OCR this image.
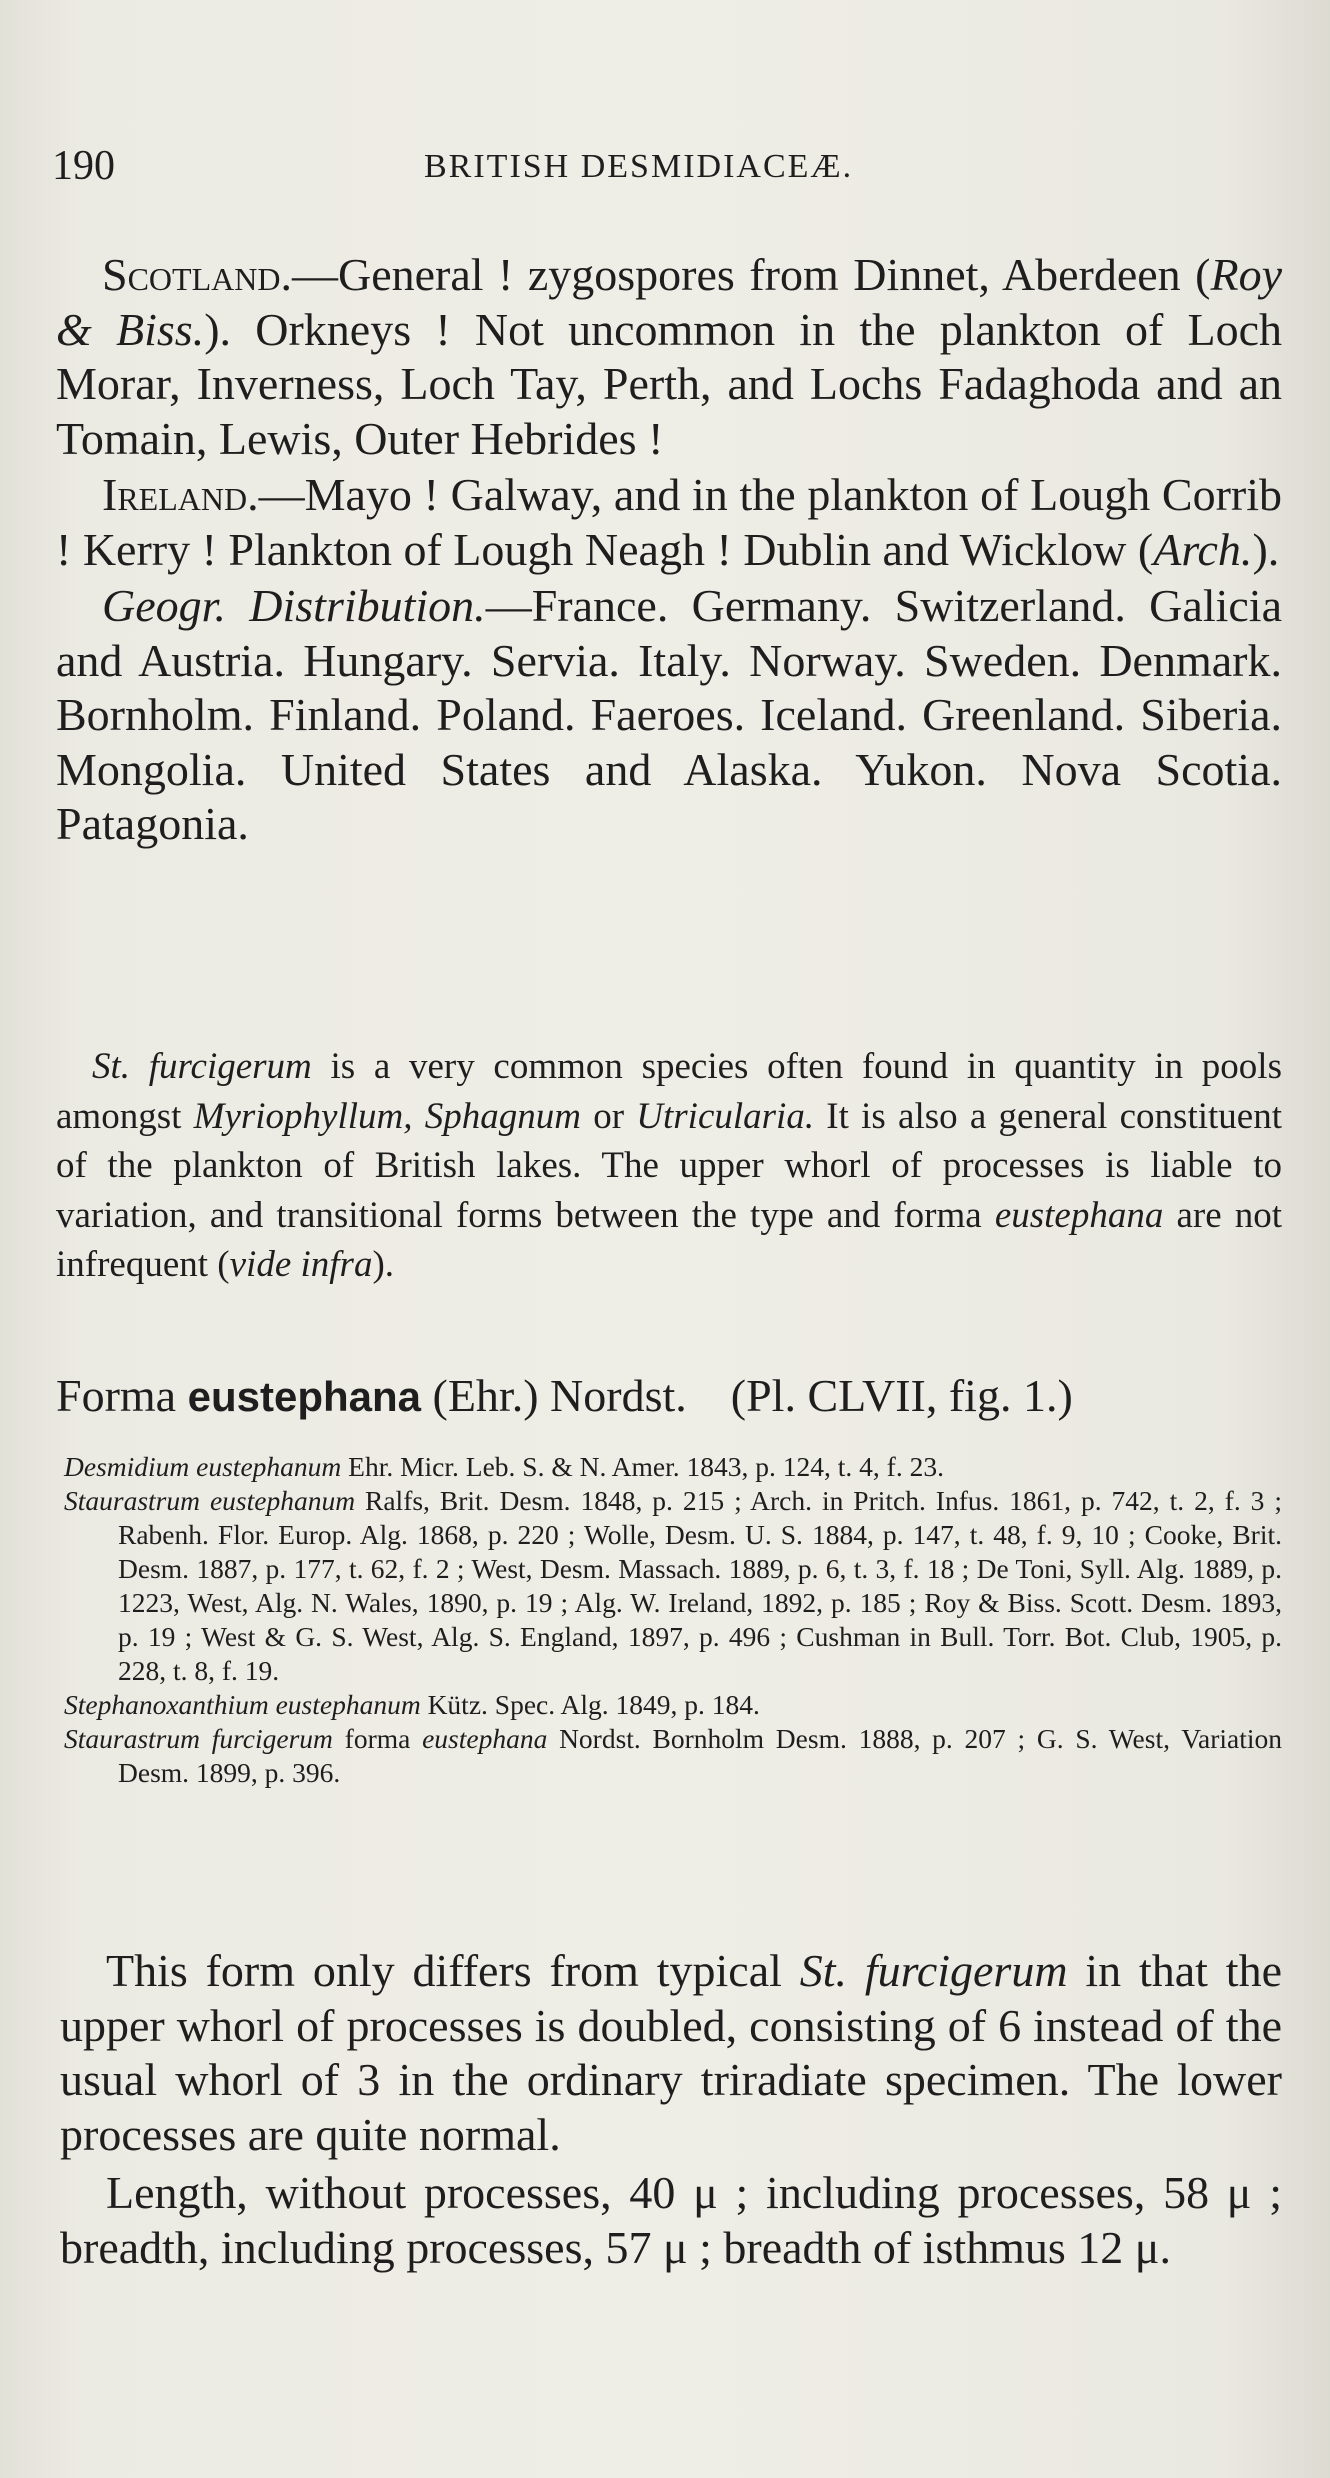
190	BRITISH DESMIDIACEÆ.

Scotland.—General ! zygospores from Dinnet, Aberdeen (Roy & Biss.). Orkneys ! Not uncommon in the plankton of Loch Morar, Inverness, Loch Tay, Perth, and Lochs Fadaghoda and an Tomain, Lewis, Outer Hebrides !

Ireland.—Mayo ! Galway, and in the plankton of Lough Corrib ! Kerry ! Plankton of Lough Neagh ! Dublin and Wicklow (Arch.).

Geogr. Distribution.—France. Germany. Switzerland. Galicia and Austria. Hungary. Servia. Italy. Norway. Sweden. Denmark. Bornholm. Finland. Poland. Faeroes. Iceland. Greenland. Siberia. Mongolia. United States and Alaska. Yukon. Nova Scotia. Patagonia.

St. furcigerum is a very common species often found in quantity in pools amongst Myriophyllum, Sphagnum or Utricularia. It is also a general constituent of the plankton of British lakes. The upper whorl of processes is liable to variation, and transitional forms between the type and forma eustephana are not infrequent (vide infra).

Forma eustephana (Ehr.) Nordst. (Pl. CLVII, fig. 1.)

Desmidium eustephanum Ehr. Micr. Leb. S. & N. Amer. 1843, p. 124, t. 4, f. 23.

Staurastrum eustephanum Ralfs, Brit. Desm. 1848, p. 215 ; Arch. in Pritch. Infus. 1861, p. 742, t. 2, f. 3 ; Rabenh. Flor. Europ. Alg. 1868, p. 220 ; Wolle, Desm. U. S. 1884, p. 147, t. 48, f. 9, 10 ; Cooke, Brit. Desm. 1887, p. 177, t. 62, f. 2 ; West, Desm. Massach. 1889, p. 6, t. 3, f. 18 ; De Toni, Syll. Alg. 1889, p. 1223, West, Alg. N. Wales, 1890, p. 19 ; Alg. W. Ireland, 1892, p. 185 ; Roy & Biss. Scott. Desm. 1893, p. 19 ; West & G. S. West, Alg. S. England, 1897, p. 496 ; Cushman in Bull. Torr. Bot. Club, 1905, p. 228, t. 8, f. 19.

Stephanoxanthium eustephanum Kütz. Spec. Alg. 1849, p. 184.

Staurastrum furcigerum forma eustephana Nordst. Bornholm Desm. 1888, p. 207 ; G. S. West, Variation Desm. 1899, p. 396.

This form only differs from typical St. furcigerum in that the upper whorl of processes is doubled, consisting of 6 instead of the usual whorl of 3 in the ordinary triradiate specimen. The lower processes are quite normal.

Length, without processes, 40 μ ; including processes, 58 μ ; breadth, including processes, 57 μ ; breadth of isthmus 12 μ.
